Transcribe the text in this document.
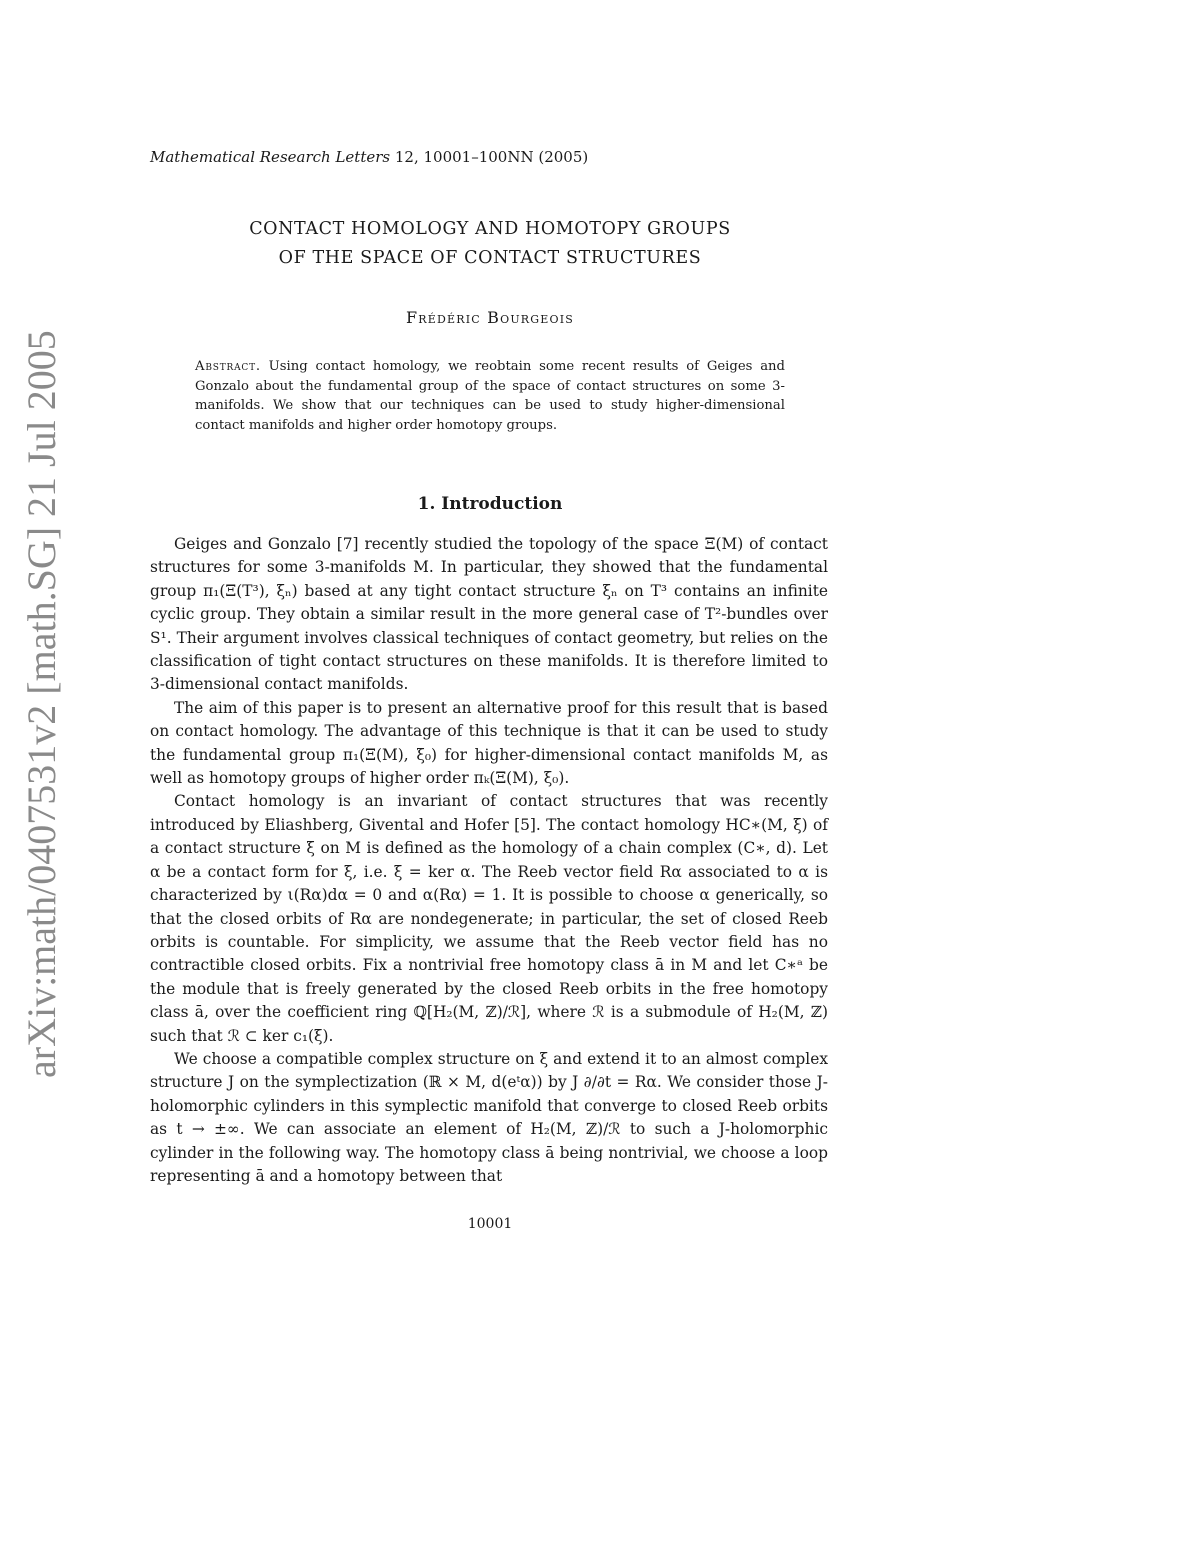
arXiv:math/0407531v2 [math.SG] 21 Jul 2005
Mathematical Research Letters 12, 10001–100NN (2005)
CONTACT HOMOLOGY AND HOMOTOPY GROUPS
OF THE SPACE OF CONTACT STRUCTURES
Frédéric Bourgeois
Abstract. Using contact homology, we reobtain some recent results of Geiges and Gonzalo about the fundamental group of the space of contact structures on some 3-manifolds. We show that our techniques can be used to study higher-dimensional contact manifolds and higher order homotopy groups.
1. Introduction

Geiges and Gonzalo [7] recently studied the topology of the space Ξ(M) of contact structures for some 3-manifolds M. In particular, they showed that the fundamental group π₁(Ξ(T³), ξₙ) based at any tight contact structure ξₙ on T³ contains an infinite cyclic group. They obtain a similar result in the more general case of T²-bundles over S¹. Their argument involves classical techniques of contact geometry, but relies on the classification of tight contact structures on these manifolds. It is therefore limited to 3-dimensional contact manifolds.

The aim of this paper is to present an alternative proof for this result that is based on contact homology. The advantage of this technique is that it can be used to study the fundamental group π₁(Ξ(M), ξ₀) for higher-dimensional contact manifolds M, as well as homotopy groups of higher order πₖ(Ξ(M), ξ₀).

Contact homology is an invariant of contact structures that was recently introduced by Eliashberg, Givental and Hofer [5]. The contact homology HC∗(M, ξ) of a contact structure ξ on M is defined as the homology of a chain complex (C∗, d). Let α be a contact form for ξ, i.e. ξ = ker α. The Reeb vector field Rα associated to α is characterized by ι(Rα)dα = 0 and α(Rα) = 1. It is possible to choose α generically, so that the closed orbits of Rα are nondegenerate; in particular, the set of closed Reeb orbits is countable. For simplicity, we assume that the Reeb vector field has no contractible closed orbits. Fix a nontrivial free homotopy class ā in M and let C∗ᵃ be the module that is freely generated by the closed Reeb orbits in the free homotopy class ā, over the coefficient ring ℚ[H₂(M, ℤ)/ℛ], where ℛ is a submodule of H₂(M, ℤ) such that ℛ ⊂ ker c₁(ξ).

We choose a compatible complex structure on ξ and extend it to an almost complex structure J on the symplectization (ℝ × M, d(eᵗα)) by J ∂/∂t = Rα. We consider those J-holomorphic cylinders in this symplectic manifold that converge to closed Reeb orbits as t → ±∞. We can associate an element of H₂(M, ℤ)/ℛ to such a J-holomorphic cylinder in the following way. The homotopy class ā being nontrivial, we choose a loop representing ā and a homotopy between that

10001
